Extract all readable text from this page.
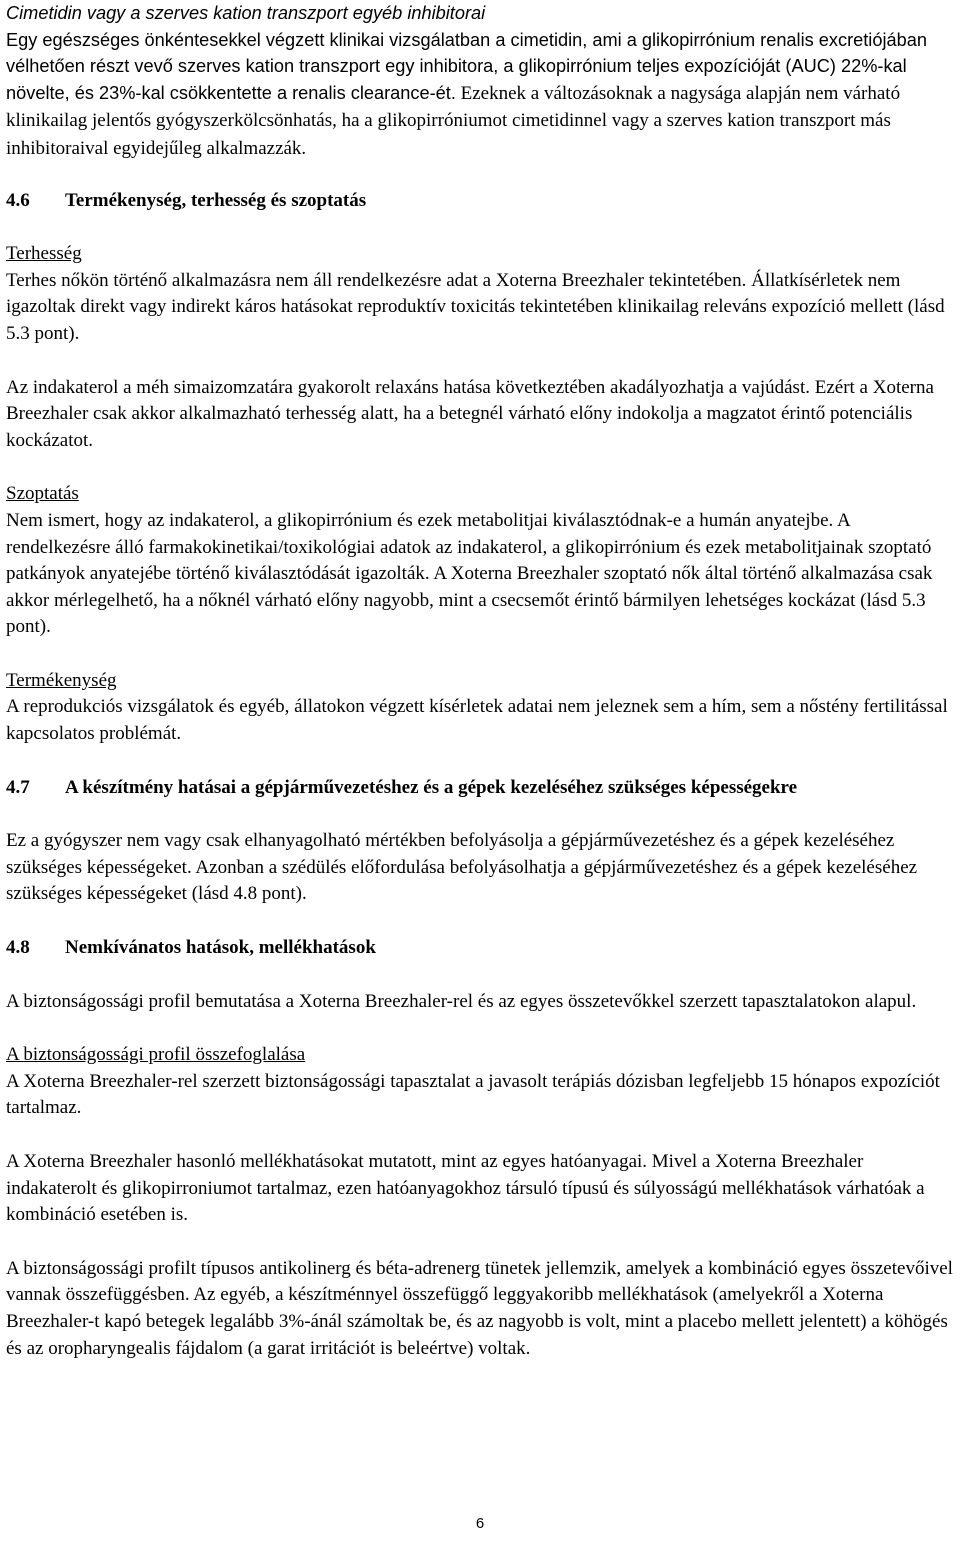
Cimetidin vagy a szerves kation transzport egyéb inhibitorai

Egy egészséges önkéntesekkel végzett klinikai vizsgálatban a cimetidin, ami a glikopirrónium renalis excretiójában vélhetően részt vevő szerves kation transzport egy inhibitora, a glikopirrónium teljes expozícióját (AUC) 22%-kal növelte, és 23%-kal csökkentette a renalis clearance-ét. Ezeknek a változásoknak a nagysága alapján nem várható klinikailag jelentős gyógyszerkölcsönhatás, ha a glikopirróniumot cimetidinnel vagy a szerves kation transzport más inhibitoraival egyidejűleg alkalmazzák.

4.6	Termékenység, terhesség és szoptatás

Terhesség

Terhes nőkön történő alkalmazásra nem áll rendelkezésre adat a Xoterna Breezhaler tekintetében. Állatkísérletek nem igazoltak direkt vagy indirekt káros hatásokat reproduktív toxicitás tekintetében klinikailag releváns expozíció mellett (lásd 5.3 pont).

Az indakaterol a méh simaizomzatára gyakorolt relaxáns hatása következtében akadályozhatja a vajúdást. Ezért a Xoterna Breezhaler csak akkor alkalmazható terhesség alatt, ha a betegnél várható előny indokolja a magzatot érintő potenciális kockázatot.

Szoptatás

Nem ismert, hogy az indakaterol, a glikopirrónium és ezek metabolitjai kiválasztódnak-e a humán anyatejbe. A rendelkezésre álló farmakokinetikai/toxikológiai adatok az indakaterol, a glikopirrónium és ezek metabolitjainak szoptató patkányok anyatejébe történő kiválasztódását igazolták. A Xoterna Breezhaler szoptató nők által történő alkalmazása csak akkor mérlegelhető, ha a nőknél várható előny nagyobb, mint a csecsemőt érintő bármilyen lehetséges kockázat (lásd 5.3 pont).

Termékenység

A reprodukciós vizsgálatok és egyéb, állatokon végzett kísérletek adatai nem jeleznek sem a hím, sem a nőstény fertilitással kapcsolatos problémát.

4.7	A készítmény hatásai a gépjárművezetéshez és a gépek kezeléséhez szükséges képességekre

Ez a gyógyszer nem vagy csak elhanyagolható mértékben befolyásolja a gépjárművezetéshez és a gépek kezeléséhez szükséges képességeket. Azonban a szédülés előfordulása befolyásolhatja a gépjárművezetéshez és a gépek kezeléséhez szükséges képességeket (lásd 4.8 pont).

4.8	Nemkívánatos hatások, mellékhatások

A biztonságossági profil bemutatása a Xoterna Breezhaler-rel és az egyes összetevőkkel szerzett tapasztalatokon alapul.

A biztonságossági profil összefoglalása

A Xoterna Breezhaler-rel szerzett biztonságossági tapasztalat a javasolt terápiás dózisban legfeljebb 15 hónapos expozíciót tartalmaz.

A Xoterna Breezhaler hasonló mellékhatásokat mutatott, mint az egyes hatóanyagai. Mivel a Xoterna Breezhaler indakaterolt és glikopirroniumot tartalmaz, ezen hatóanyagokhoz társuló típusú és súlyosságú mellékhatások várhatóak a kombináció esetében is.

A biztonságossági profilt típusos antikolinerg és béta-adrenerg tünetek jellemzik, amelyek a kombináció egyes összetevőivel vannak összefüggésben. Az egyéb, a készítménnyel összefüggő leggyakoribb mellékhatások (amelyekről a Xoterna Breezhaler-t kapó betegek legalább 3%-ánál számoltak be, és az nagyobb is volt, mint a placebo mellett jelentett) a köhögés és az oropharyngealis fájdalom (a garat irritációt is beleértve) voltak.

6
